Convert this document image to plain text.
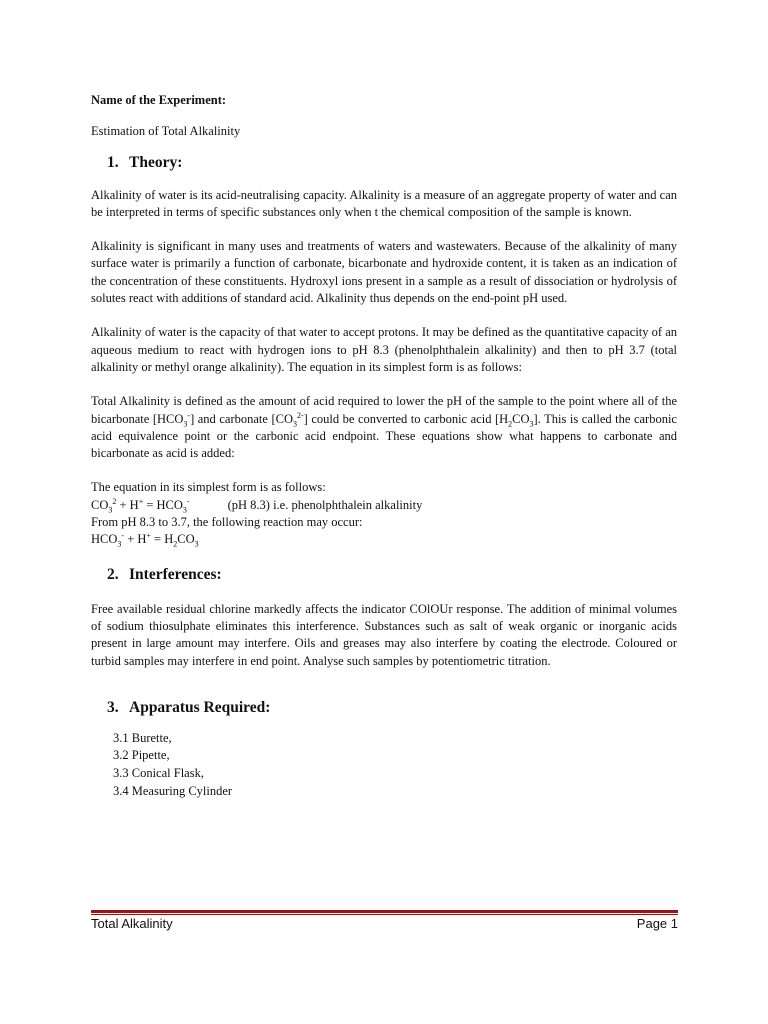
Name of the Experiment:

Estimation of Total Alkalinity

1. Theory:

Alkalinity of water is its acid-neutralising capacity. Alkalinity is a measure of an aggregate property of water and can be interpreted in terms of specific substances only when t the chemical composition of the sample is known.

Alkalinity is significant in many uses and treatments of waters and wastewaters. Because of the alkalinity of many surface water is primarily a function of carbonate, bicarbonate and hydroxide content, it is taken as an indication of the concentration of these constituents. Hydroxyl ions present in a sample as a result of dissociation or hydrolysis of solutes react with additions of standard acid. Alkalinity thus depends on the end-point pH used.

Alkalinity of water is the capacity of that water to accept protons. It may be defined as the quantitative capacity of an aqueous medium to react with hydrogen ions to pH 8.3 (phenolphthalein alkalinity) and then to pH 3.7 (total alkalinity or methyl orange alkalinity). The equation in its simplest form is as follows:

Total Alkalinity is defined as the amount of acid required to lower the pH of the sample to the point where all of the bicarbonate $[HCO_3^-]$ and carbonate $[CO_3^{2-}]$ could be converted to carbonic acid $[H_2CO_3]$. This is called the carbonic acid equivalence point or the carbonic acid endpoint. These equations show what happens to carbonate and bicarbonate as acid is added:

The equation in its simplest form is as follows:
$CO_3^2 + H^+ = HCO_3^-$	(pH 8.3) i.e. phenolphthalein alkalinity
From pH 8.3 to 3.7, the following reaction may occur:
$HCO_3^- + H^+ = H_2CO_3$
2. Interferences:

Free available residual chlorine markedly affects the indicator COlOUr response. The addition of minimal volumes of sodium thiosulphate eliminates this interference. Substances such as salt of weak organic or inorganic acids present in large amount may interfere. Oils and greases may also interfere by coating the electrode. Coloured or turbid samples may interfere in end point. Analyse such samples by potentiometric titration.

3. Apparatus Required:
3.1 Burette,
3.2 Pipette,
3.3 Conical Flask,
3.4 Measuring Cylinder
Total Alkalinity	Page 1
